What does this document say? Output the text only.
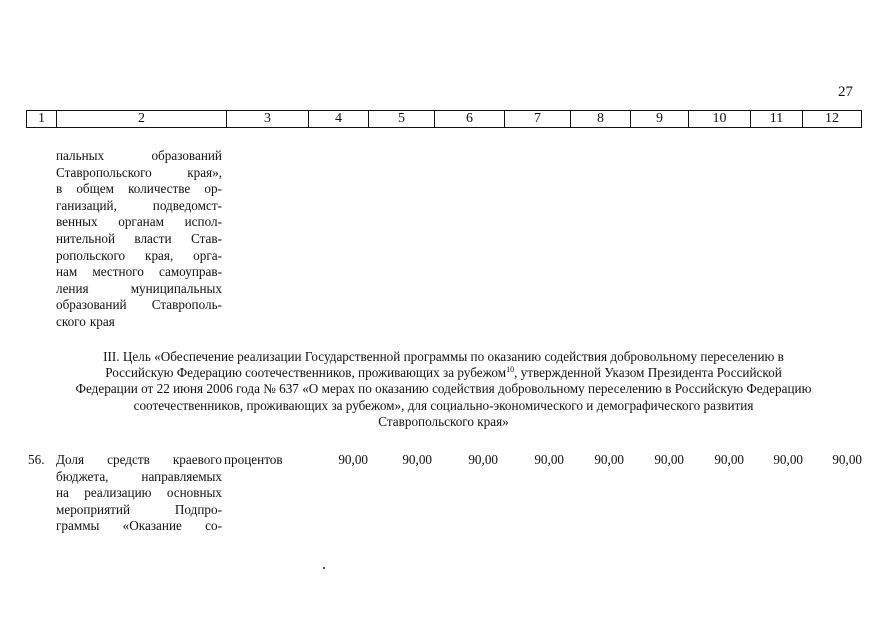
27
1	2	3	4	5	6	7	8	9	10	11	12
пальных	образований
Ставропольского	края»,
в общем количестве ор-
ганизаций,	подведомст-
венных органам испол-
нительной власти Став-
ропольского края, орга-
нам местного самоуправ-
ления	муниципальных
образований Ставрополь-
ского края
III. Цель «Обеспечение реализации Государственной программы по оказанию содействия добровольному переселению в
Российскую Федерацию соотечественников, проживающих за рубежом$^{10}$, утвержденной Указом Президента Российской
Федерации от 22 июня 2006 года № 637 «О мерах по оказанию содействия добровольному переселению в Российскую Федерацию
соотечественников, проживающих за рубежом», для социально-экономического и демографического развития
Ставропольского края»
56. Доля средств краевого
бюджета, направляемых
на реализацию основных
мероприятий	Подпро-
граммы «Оказание со-
процентов	90,00	90,00	90,00	90,00	90,00	90,00	90,00	90,00	90,00
